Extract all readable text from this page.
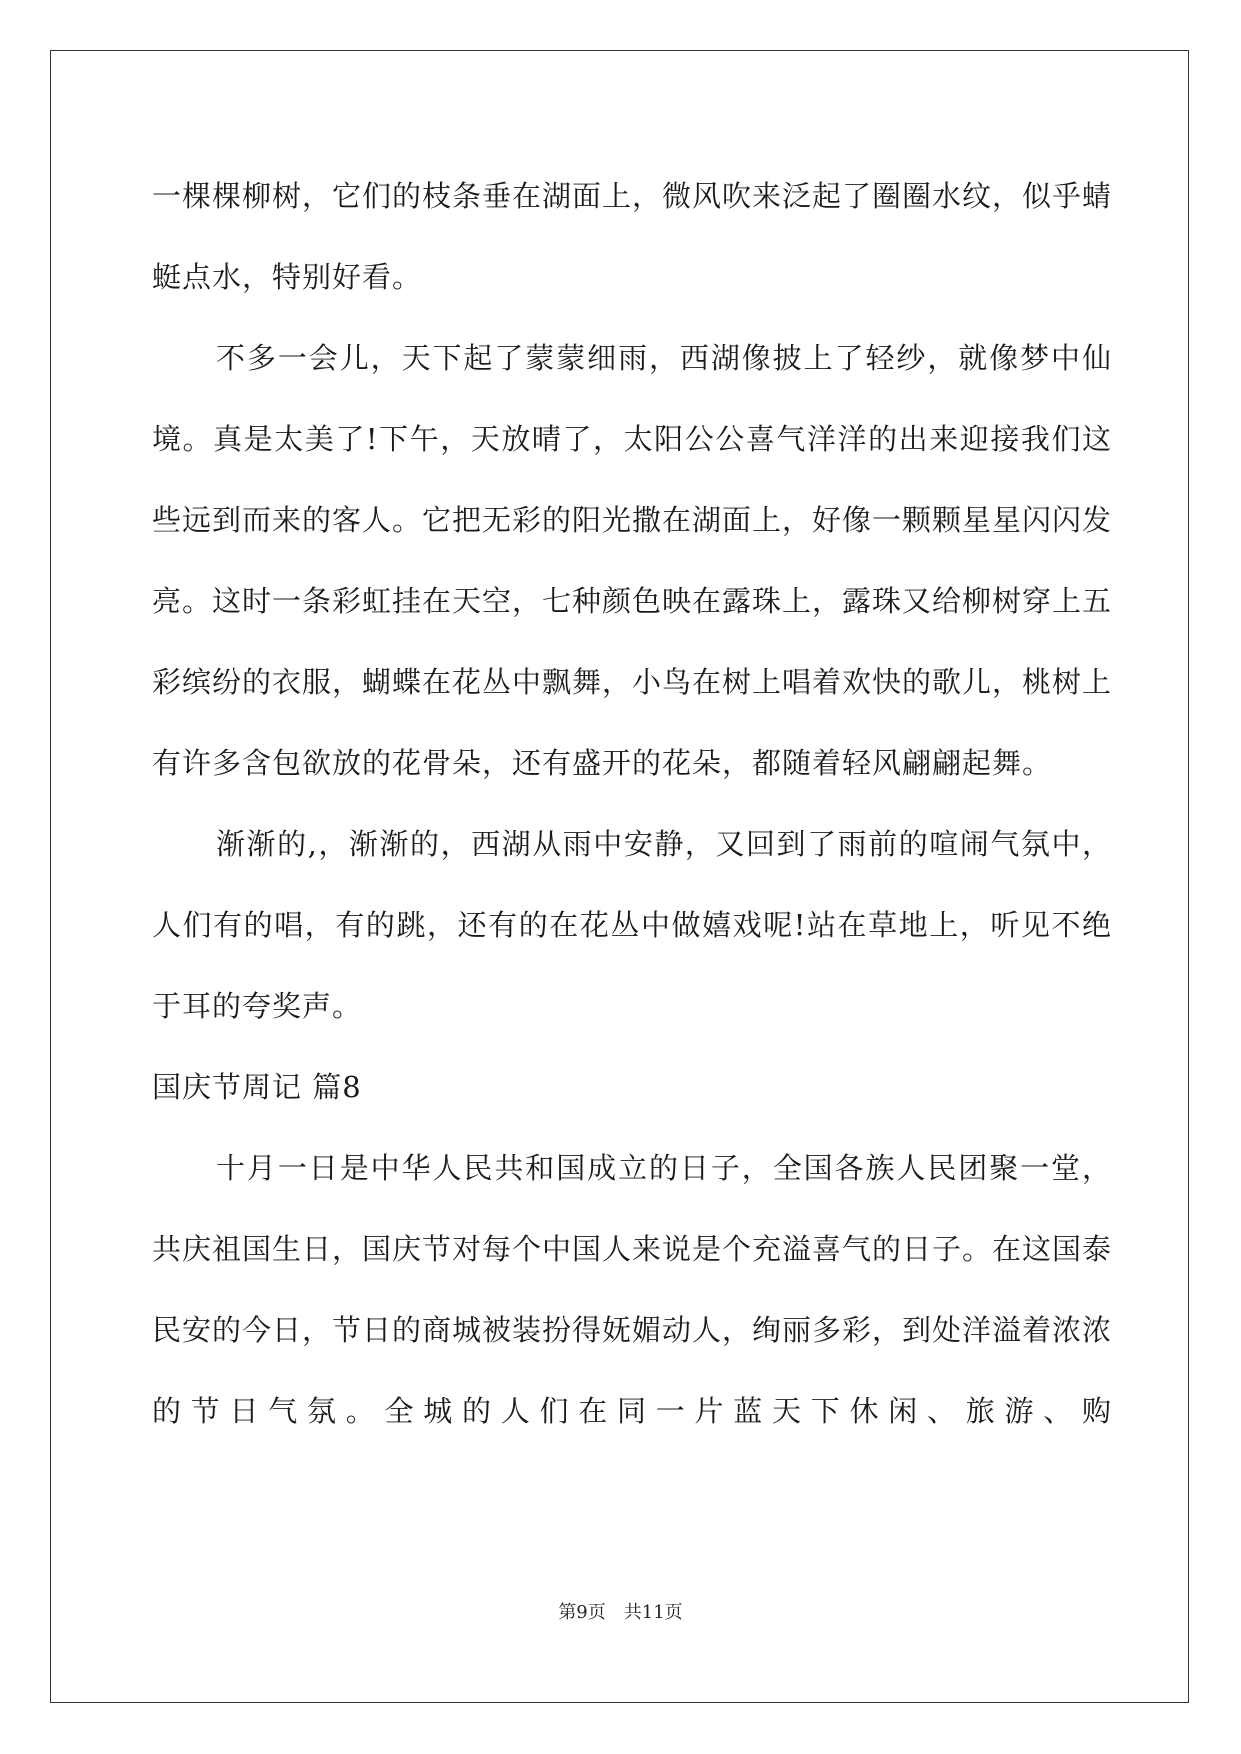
一棵棵柳树，它们的枝条垂在湖面上，微风吹来泛起了圈圈水纹，似乎蜻蜓点水，特别好看。

不多一会儿，天下起了蒙蒙细雨，西湖像披上了轻纱，就像梦中仙境。真是太美了!下午，天放晴了，太阳公公喜气洋洋的出来迎接我们这些远到而来的客人。它把无彩的阳光撒在湖面上，好像一颗颗星星闪闪发亮。这时一条彩虹挂在天空，七种颜色映在露珠上，露珠又给柳树穿上五彩缤纷的衣服，蝴蝶在花丛中飘舞，小鸟在树上唱着欢快的歌儿，桃树上有许多含包欲放的花骨朵，还有盛开的花朵，都随着轻风翩翩起舞。

渐渐的,，渐渐的，西湖从雨中安静，又回到了雨前的喧闹气氛中，人们有的唱，有的跳，还有的在花丛中做嬉戏呢!站在草地上，听见不绝于耳的夸奖声。

国庆节周记 篇8

十月一日是中华人民共和国成立的日子，全国各族人民团聚一堂，共庆祖国生日，国庆节对每个中国人来说是个充溢喜气的日子。在这国泰民安的今日，节日的商城被装扮得妩媚动人，绚丽多彩，到处洋溢着浓浓的节日气氛。全城的人们在同一片蓝天下休闲、旅游、购

第9页　共11页
